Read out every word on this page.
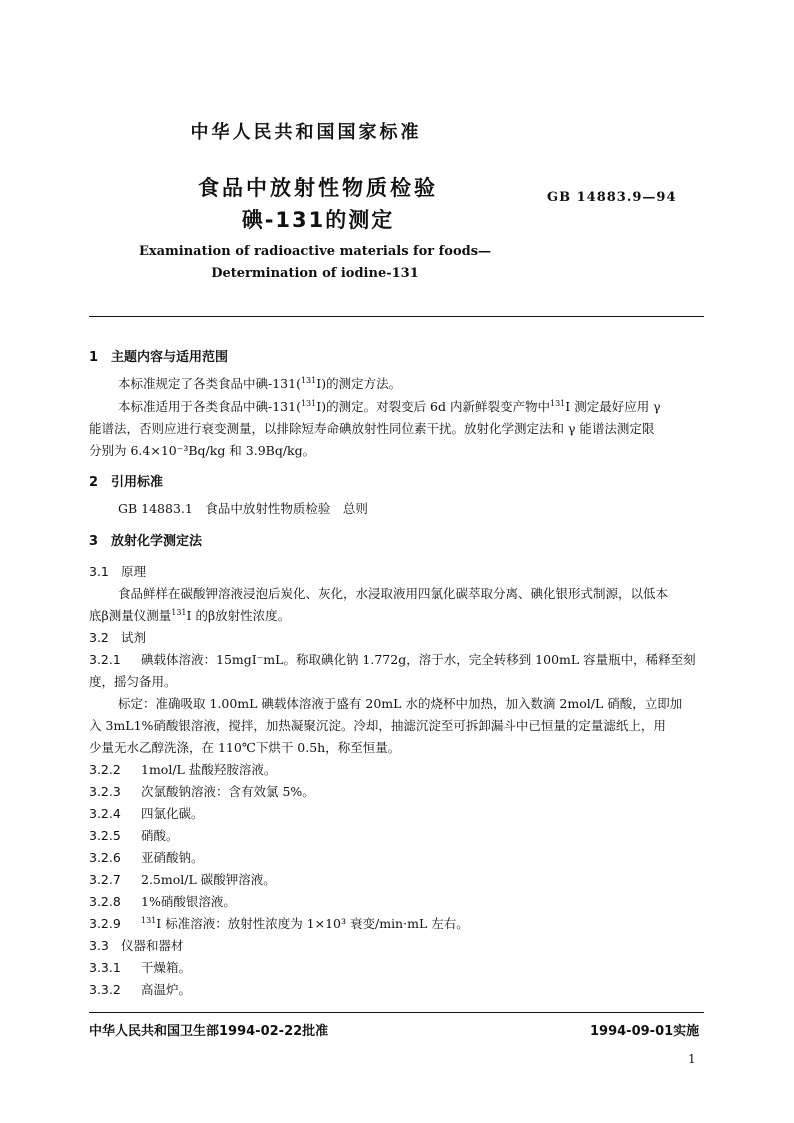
中华人民共和国国家标准
食品中放射性物质检验
碘-131的测定
GB 14883.9—94
Examination of radioactive materials for foods—
Determination of iodine-131
1　主题内容与适用范围
本标准规定了各类食品中碘-131($^{131}$I)的测定方法。
本标准适用于各类食品中碘-131($^{131}$I)的测定。对裂变后 6d 内新鲜裂变产物中$^{131}$I 测定最好应用 γ
能谱法，否则应进行衰变测量，以排除短寿命碘放射性同位素干扰。放射化学测定法和 γ 能谱法测定限
分别为 6.4×10⁻³Bq/kg 和 3.9Bq/kg。
2　引用标准
GB 14883.1　食品中放射性物质检验　总则
3　放射化学测定法
3.1 原理
食品鲜样在碳酸钾溶液浸泡后炭化、灰化，水浸取液用四氯化碳萃取分离、碘化银形式制源，以低本
底β测量仪测量$^{131}$I 的β放射性浓度。
3.2 试剂
3.2.1 碘载体溶液：15mgI⁻mL。称取碘化钠 1.772g，溶于水，完全转移到 100mL 容量瓶中，稀释至刻
度，摇匀备用。
标定：准确吸取 1.00mL 碘载体溶液于盛有 20mL 水的烧杯中加热，加入数滴 2mol/L 硝酸，立即加
入 3mL1%硝酸银溶液，搅拌，加热凝聚沉淀。冷却，抽滤沉淀至可拆卸漏斗中已恒量的定量滤纸上，用
少量无水乙醇洗涤，在 110℃下烘干 0.5h，称至恒量。
3.2.2 1mol/L 盐酸羟胺溶液。
3.2.3 次氯酸钠溶液：含有效氯 5%。
3.2.4 四氯化碳。
3.2.5 硝酸。
3.2.6 亚硝酸钠。
3.2.7 2.5mol/L 碳酸钾溶液。
3.2.8 1%硝酸银溶液。
3.2.9	$^{131}$I 标准溶液：放射性浓度为 1×10³ 衰变/min·mL 左右。
3.3 仪器和器材
3.3.1 干燥箱。
3.3.2 高温炉。
中华人民共和国卫生部1994-02-22批准	1994-09-01实施
1
